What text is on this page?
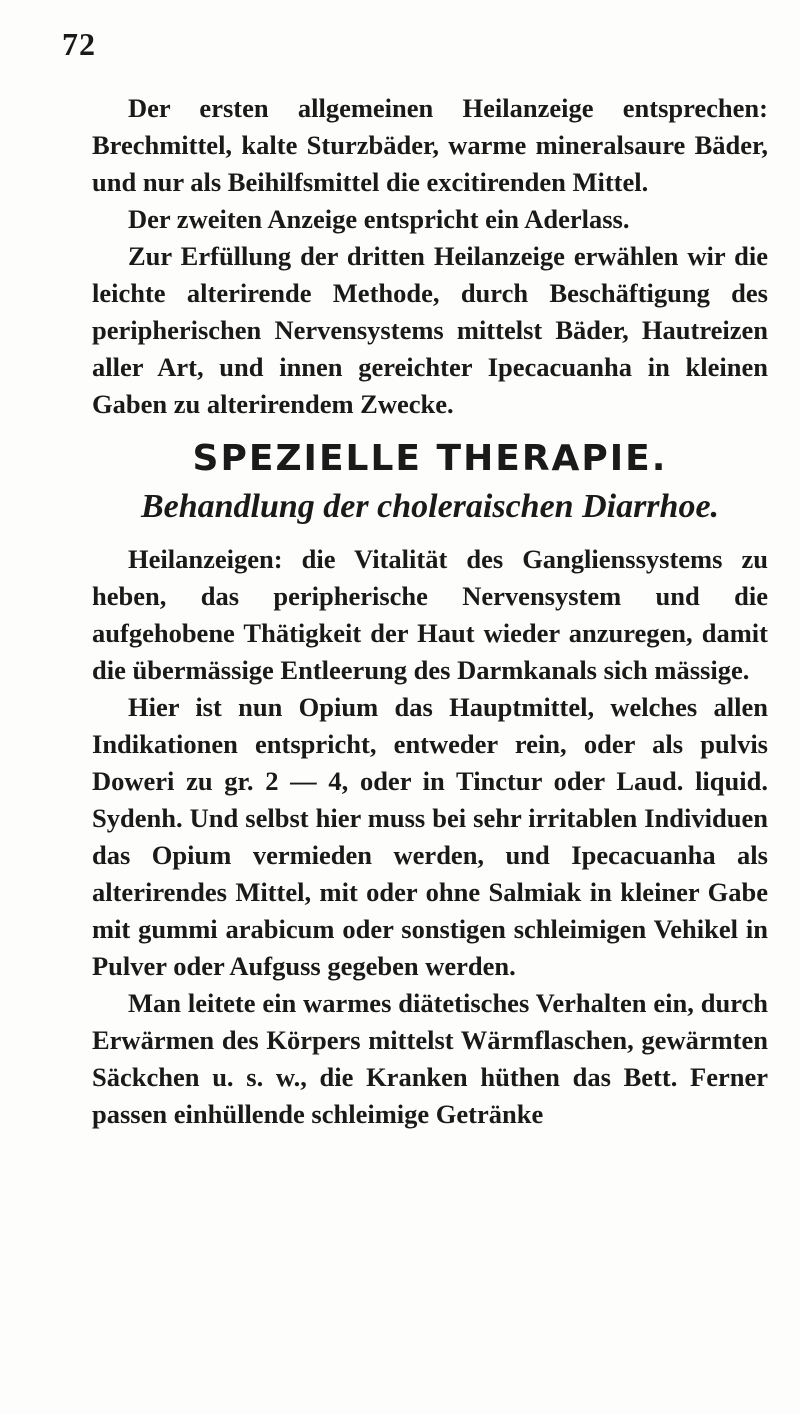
72

Der ersten allgemeinen Heilanzeige entsprechen: Brechmittel, kalte Sturzbäder, warme mineralsaure Bäder, und nur als Beihilfsmittel die excitirenden Mittel.

Der zweiten Anzeige entspricht ein Aderlass.

Zur Erfüllung der dritten Heilanzeige erwählen wir die leichte alterirende Methode, durch Beschäftigung des peripherischen Nervensystems mittelst Bäder, Hautreizen aller Art, und innen gereichter Ipecacuanha in kleinen Gaben zu alterirendem Zwecke.

SPEZIELLE THERAPIE.
Behandlung der choleraischen Diarrhoe.

Heilanzeigen: die Vitalität des Ganglienssystems zu heben, das peripherische Nervensystem und die aufgehobene Thätigkeit der Haut wieder anzuregen, damit die übermässige Entleerung des Darmkanals sich mässige.

Hier ist nun Opium das Hauptmittel, welches allen Indikationen entspricht, entweder rein, oder als pulvis Doweri zu gr. 2 — 4, oder in Tinctur oder Laud. liquid. Sydenh. Und selbst hier muss bei sehr irritablen Individuen das Opium vermieden werden, und Ipecacuanha als alterirendes Mittel, mit oder ohne Salmiak in kleiner Gabe mit gummi arabicum oder sonstigen schleimigen Vehikel in Pulver oder Aufguss gegeben werden.

Man leitete ein warmes diätetisches Verhalten ein, durch Erwärmen des Körpers mittelst Wärmflaschen, gewärmten Säckchen u. s. w., die Kranken hüthen das Bett. Ferner passen einhüllende schleimige Getränke
